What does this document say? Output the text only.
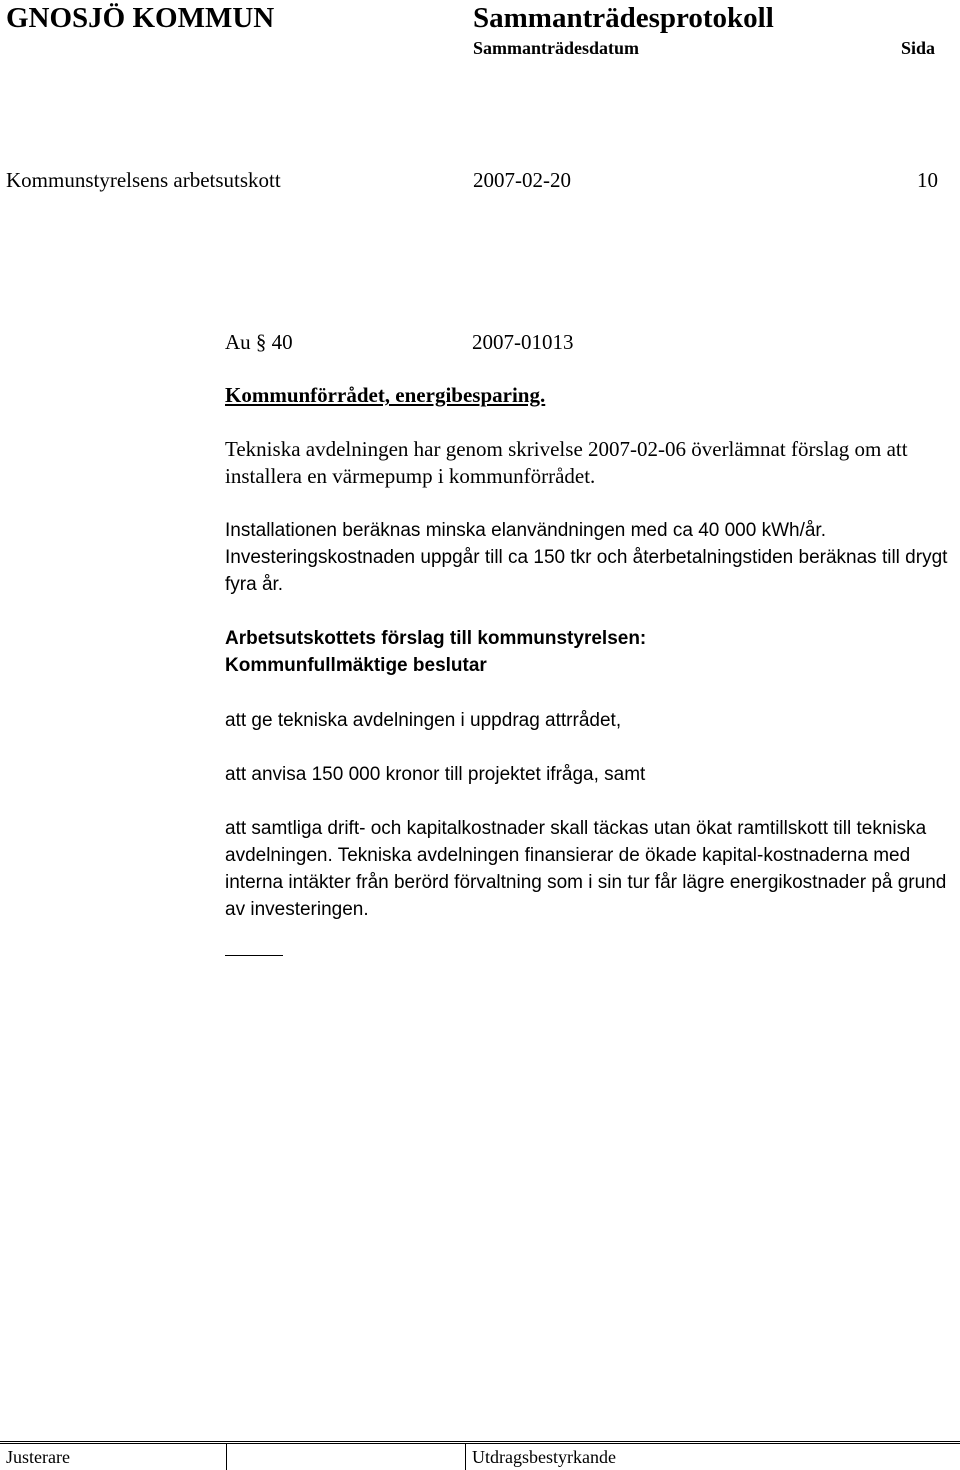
GNOSJÖ KOMMUN	Sammanträdesprotokoll
Sammanträdesdatum	Sida
Kommunstyrelsens arbetsutskott	2007-02-20	10
Au § 40	2007-01013
Kommunförrådet, energibesparing.

Tekniska avdelningen har genom skrivelse 2007-02-06 överlämnat förslag om att installera en värmepump i kommunförrådet.

Installationen beräknas minska elanvändningen med ca 40 000 kWh/år.

Investeringskostnaden uppgår till ca 150 tkr och återbetalningstiden beräknas till drygt fyra år.

Arbetsutskottets förslag till kommunstyrelsen:
Kommunfullmäktige beslutar
att ge tekniska avdelningen i uppdrag attrrådet,
att anvisa 150 000 kronor till projektet ifråga, samt
att samtliga drift- och kapitalkostnader skall täckas utan ökat ramtillskott till tekniska avdelningen. Tekniska avdelningen finansierar de ökade kapital-kostnaderna med interna intäkter från berörd förvaltning som i sin tur får lägre energikostnader på grund av investeringen.
Justerare	Utdragsbestyrkande
